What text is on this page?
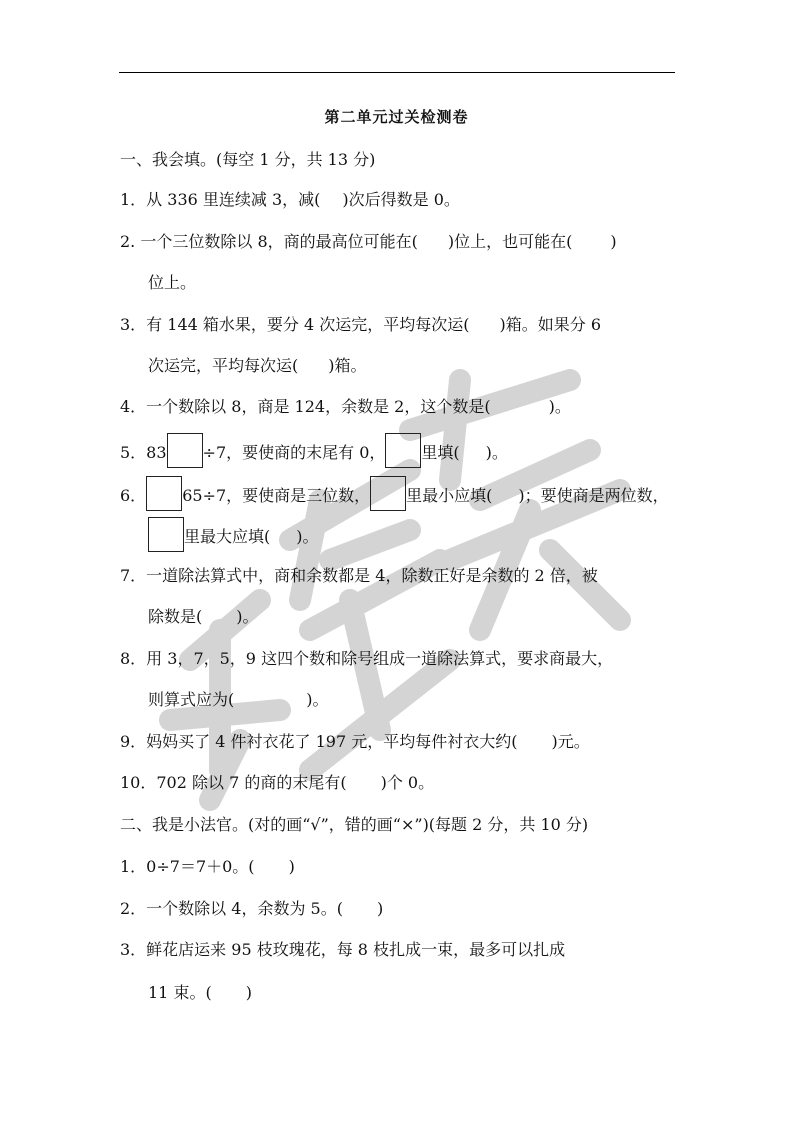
第二单元过关检测卷
一、我会填。(每空 1 分，共 13 分)
1．从 336 里连续减 3，减( )次后得数是 0。
2. 一个三位数除以 8，商的最高位可能在( )位上，也可能在( )
位上。
3．有 144 箱水果，要分 4 次运完，平均每次运( )箱。如果分 6
次运完，平均每次运( )箱。
4．一个数除以 8，商是 124，余数是 2，这个数是(	)。
5．83 ÷7，要使商的末尾有 0， 里填( )。
6． 65÷7，要使商是三位数， 里最小应填( )；要使商是两位数，
里最大应填( )。
7．一道除法算式中，商和余数都是 4，除数正好是余数的 2 倍，被
除数是( )。
8．用 3，7，5，9 这四个数和除号组成一道除法算式，要求商最大，
则算式应为(	)。
9．妈妈买了 4 件衬衣花了 197 元，平均每件衬衣大约( )元。
10．702 除以 7 的商的末尾有( )个 0。
二、我是小法官。(对的画“√”，错的画“×”)(每题 2 分，共 10 分)
1．0÷7＝7＋0。( )
2．一个数除以 4，余数为 5。( )
3．鲜花店运来 95 枝玫瑰花，每 8 枝扎成一束，最多可以扎成
11 束。( )
